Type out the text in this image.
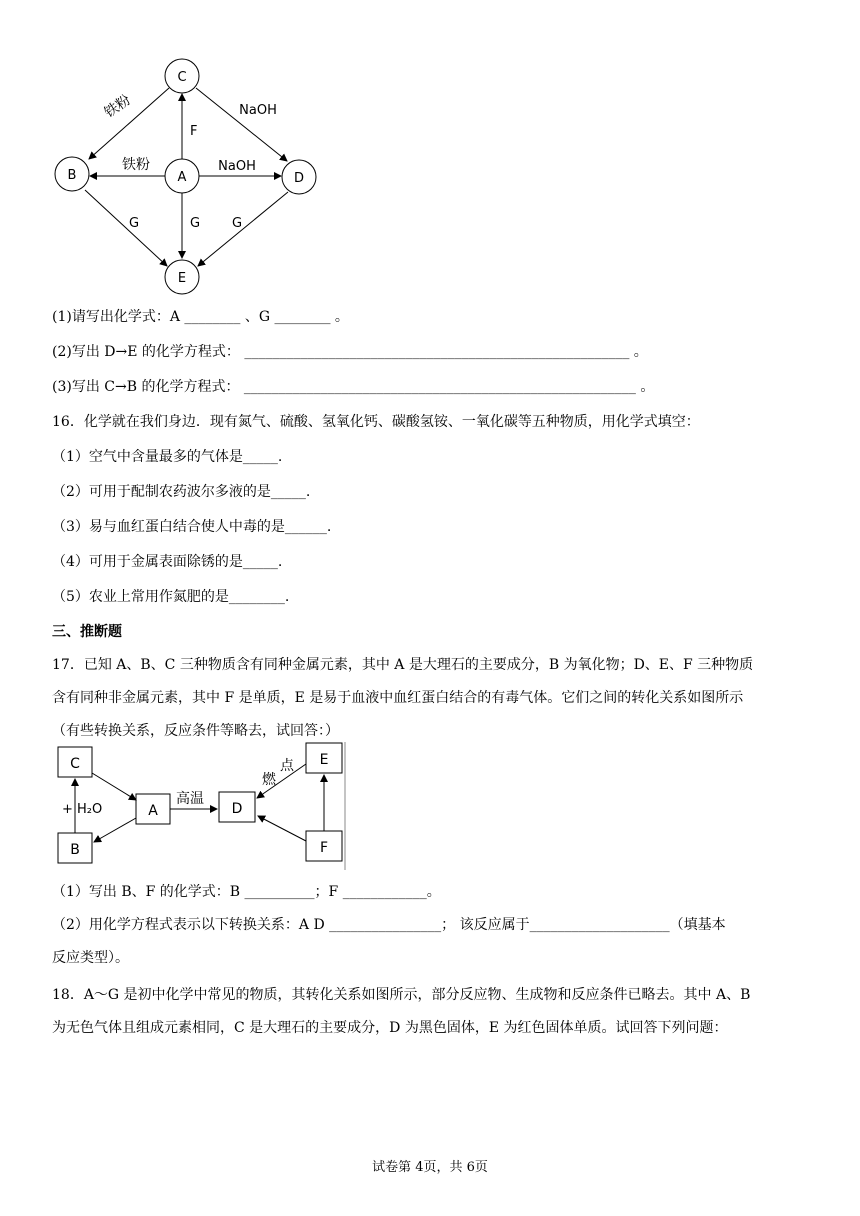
C
B	A	D
E
铁粉
F
NaOH
铁粉	NaOH
G	G G
(1)请写出化学式：A ________ 、G ________ 。
(2)写出 D→E 的化学方程式： _______________________________________________________ 。
(3)写出 C→B 的化学方程式： ________________________________________________________ 。
16．化学就在我们身边．现有氮气、硫酸、氢氧化钙、碳酸氢铵、一氧化碳等五种物质，用化学式填空：
（1）空气中含量最多的气体是_____.
（2）可用于配制农药波尔多液的是_____.
（3）易与血红蛋白结合使人中毒的是______.
（4）可用于金属表面除锈的是_____.
（5）农业上常用作氮肥的是________.
三、推断题
17．已知 A、B、C 三种物质含有同种金属元素，其中 A 是大理石的主要成分，B 为氧化物；D、E、F 三种物质
含有同种非金属元素，其中 F 是单质，E 是易于血液中血红蛋白结合的有毒气体。它们之间的转化关系如图所示
（有些转换关系，反应条件等略去，试回答：）
C
A
B
D
E
F
+ H₂O
高温
点
燃
（1）写出 B、F 的化学式：B __________；F ____________。
（2）用化学方程式表示以下转换关系：A D ________________； 该反应属于____________________（填基本
反应类型）。
18．A～G 是初中化学中常见的物质，其转化关系如图所示，部分反应物、生成物和反应条件已略去。其中 A、B
为无色气体且组成元素相同，C 是大理石的主要成分，D 为黑色固体，E 为红色固体单质。试回答下列问题：
试卷第 4页，共 6页
